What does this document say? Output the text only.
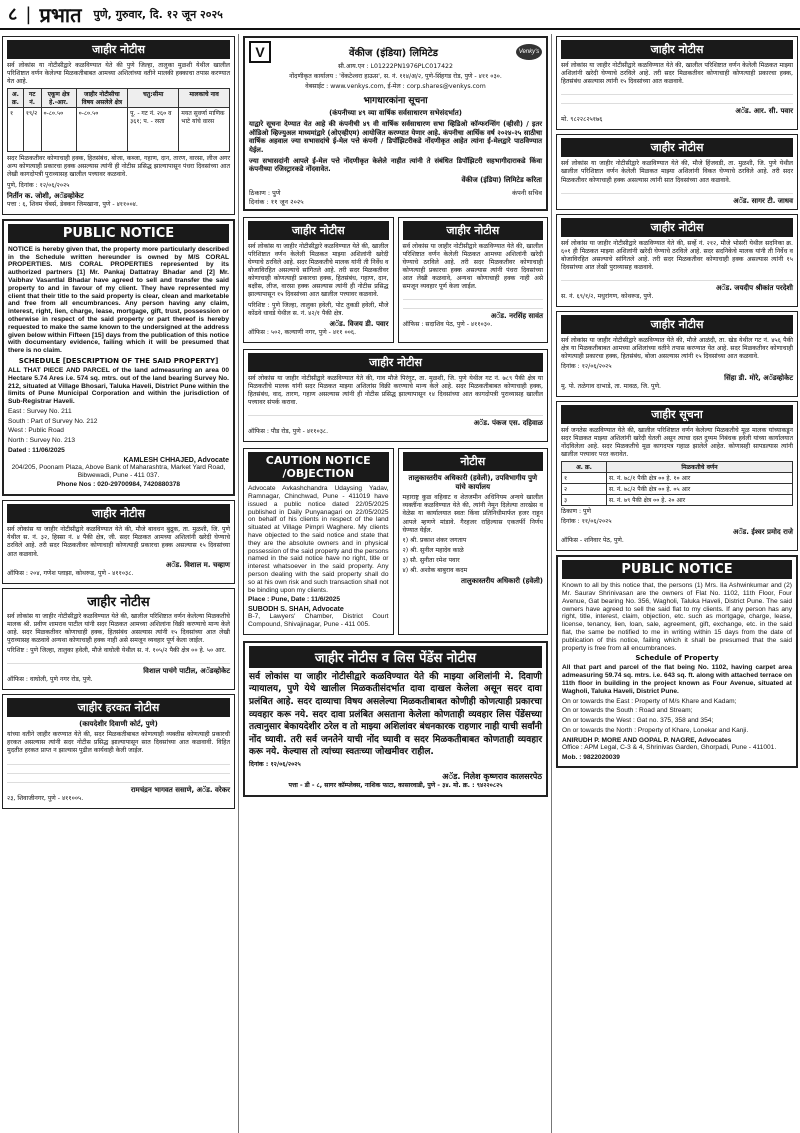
८ | प्रभात पुणे, गुरुवार, दि. १२ जून २०२५
जाहीर नोटीस

सर्व लोकांस या नोटीसीद्वारे कळविण्यात येते की पुणे जिल्हा, तालुका मुळशी येथील खालील परिशिष्टात वर्णन केलेल्या मिळकतीबाबत आमच्या अशिलांच्या वतीने मालकी हक्काचा तपास करण्यात येत आहे.

अ. क्र.	गट नं.	एकूण क्षेत्र हे.-आर.	जाहीर नोटीसीचा विषय असलेले क्षेत्र	चतु:सीमा	मालकाचे नाव
१	१९/२	०-८०.५०	०-८०.५०	पू. - गट नं. २६० व ३६१; प. - रस्ता	मयत सुवर्णा माणिक भाटे यांचे वारस

सदर मिळकतीवर कोणाचाही हक्क, हितसंबंध, बोजा, कब्जा, गहाण, दान, तारण, वारसा, लीज अगर अन्य कोणत्याही प्रकारचा हक्क असल्यास त्यांनी ही नोटीस प्रसिद्ध झाल्यापासून पंधरा दिवसांच्या आत लेखी कागदोपत्री पुराव्यासह खालील पत्त्यावर कळवावे.

पुणे, दिनांक : १२/०६/२०२५

निर्तीन क. जोशी, अॅडव्होकेट

पत्ता : ६, शिवम चेंबर्स, डेक्कन जिमखाना, पुणे - ४११००४.

PUBLIC NOTICE

NOTICE is hereby given that, the property more particularly described in the Schedule written hereunder is owned by M/S CORAL PROPERTIES. M/S CORAL PROPERTIES represented by its authorized partners [1] Mr. Pankaj Dattatray Bhadar and [2] Mr. Vaibhav Vasantlal Bhadar have agreed to sell and transfer the said property to and in favour of my client. They have represented my client that their title to the said property is clear, clean and marketable and free from all encumbrances. Any person having any claim, interest, right, lien, charge, lease, mortgage, gift, trust, possession or otherwise in respect of the said property or part thereof is hereby requested to make the same known to the undersigned at the address given below within Fifteen [15] days from the publication of this notice with documentary evidence, failing which it will be presumed that there is no claim.

SCHEDULE [DESCRIPTION OF THE SAID PROPERTY]

ALL THAT PIECE AND PARCEL of the land admeasuring an area 00 Hectare 5.74 Ares i.e. 574 sq. mtrs. out of the land bearing Survey No. 212, situated at Village Bhosari, Taluka Haveli, District Pune within the limits of Pune Municipal Corporation and within the jurisdiction of Sub-Registrar Haveli.

East : Survey No. 211

South : Part of Survey No. 212

West : Public Road

North : Survey No. 213

Dated : 11/06/2025

KAMLESH CHHAJED, Advocate

204/205, Poonam Plaza, Above Bank of Maharashtra, Market Yard Road, Bibwewadi, Pune - 411 037.

Phone Nos : 020-29700984, 7420880378

जाहीर नोटीस

सर्व लोकांस या जाहीर नोटीसीद्वारे कळविण्यात येते की, मौजे बावधन बुद्रुक, ता. मुळशी, जि. पुणे येथील स. नं. ३२, हिस्सा नं. ४ पैकी क्षेत्र, जी. सदर मिळकत आमच्या अशिलांनी खरेदी घेण्याचे ठरविले आहे. तरी सदर मिळकतीवर कोणाचाही कोणत्याही प्रकारचा हक्क असल्यास १५ दिवसांच्या आत कळवावे.

अॅड. विशाल म. चव्हाण

ऑफिस : २०४, गणेश प्लाझा, कोथरूड, पुणे - ४११०३८.

जाहीर नोटीस

सर्व लोकांस या जाहीर नोटीसीद्वारे कळविण्यात येते की, खालील परिशिष्टात वर्णन केलेल्या मिळकतीचे मालक श्री. प्रवीण शामराव पाटील यांनी सदर मिळकत आमच्या अशिलांना विक्री करण्याचे मान्य केले आहे. सदर मिळकतीवर कोणाचाही हक्क, हितसंबंध असल्यास त्यांनी १५ दिवसांच्या आत लेखी पुराव्यासह कळवावे अन्यथा कोणाचाही हक्क नाही असे समजून व्यवहार पूर्ण केला जाईल.

परिशिष्ट : पुणे जिल्हा, तालुका हवेली, मौजे वाघोली येथील स. नं. १०५/२ पैकी क्षेत्र ०० हे. ५० आर.

विशाल पाचंगे पाटील, अॅडव्होकेट

ऑफिस : वाघोली, पुणे नगर रोड, पुणे.

जाहीर हरकत नोटीस
(कायदेशीर दिवाणी कोर्ट, पुणे)

यांच्या वतीने जाहीर करण्यात येते की, सदर मिळकतीबाबत कोणत्याही व्यक्तीस कोणत्याही प्रकारची हरकत असल्यास त्यांनी सदर नोटीस प्रसिद्ध झाल्यापासून सात दिवसांच्या आत कळवावी. विहित मुदतीत हरकत प्राप्त न झाल्यास पुढील कार्यवाही केली जाईल.

रामचंद्रन भागवत ससाणे, अॅड. वरेकर

२३, शिवाजीनगर, पुणे - ४११००५.

V	वेंकीज (इंडिया) लिमिटेड	Venky's

सी.आय.एन : L01222PN1976PLC017422

नोंदणीकृत कार्यालय : 'वेंकटेश्वरा हाऊस', स. नं. ११४/अ/२, पुणे-सिंहगड रोड, पुणे - ४११ ०३०.

वेबसाईट : www.venkys.com, ई-मेल : corp.shares@venkys.com

भागधारकांना सूचना
(कंपनीच्या ४९ व्या वार्षिक सर्वसाधारण सभेसंदर्भात)

याद्वारे सूचना देण्यात येत आहे की कंपनीची ४९ वी वार्षिक सर्वसाधारण सभा व्हिडिओ कॉन्फरन्सिंग (व्हीसी) / इतर ऑडिओ व्हिज्युअल माध्यमांद्वारे (ओएव्हीएम) आयोजित करण्यात येणार आहे. कंपनीचा आर्थिक वर्ष २०२४-२५ साठीचा वार्षिक अहवाल ज्या सभासदांचे ई-मेल पत्ते कंपनी / डिपॉझिटरीकडे नोंदणीकृत आहेत त्यांना ई-मेलद्वारे पाठविण्यात येईल.

ज्या सभासदांनी आपले ई-मेल पत्ते नोंदणीकृत केलेले नाहीत त्यांनी ते संबंधित डिपॉझिटरी सहभागीदाराकडे किंवा कंपनीच्या रजिस्ट्रारकडे नोंदवावेत.

वेंकीज (इंडिया) लिमिटेड करिता
ठिकाण : पुणे
दिनांक : ११ जून २०२५
कंपनी सचिव
जाहीर नोटीस

सर्व लोकांस या जाहीर नोटीसीद्वारे कळविण्यात येते की, खालील परिशिष्टात वर्णन केलेली मिळकत माझ्या अशिलांनी खरेदी घेण्याचे ठरविले आहे. सदर मिळकतीचे मालक यांनी ती निर्वेध व बोजाविरहित असल्याचे सांगितले आहे. तरी सदर मिळकतीवर कोणाचाही कोणत्याही प्रकारचा हक्क, हितसंबंध, गहाण, दान, बक्षीस, लीज, वारसा हक्क असल्यास त्यांनी ही नोटीस प्रसिद्ध झाल्यापासून १५ दिवसांच्या आत खालील पत्त्यावर कळवावे.

परिशिष्ट : पुणे जिल्हा, तालुका हवेली, पोट तुकडी हवेली, मौजे कोंढवे धावडे येथील स. नं. ४२/१ पैकी क्षेत्र.

अॅड. विजय डी. पवार

ऑफिस : ५०२, कल्याणी नगर, पुणे - ४११ ००६.

जाहीर नोटीस

सर्व लोकांस या जाहीर नोटीसीद्वारे कळविण्यात येते की, खालील परिशिष्टात वर्णन केलेली मिळकत आमच्या अशिलांनी खरेदी घेण्याचे ठरविले आहे. तरी सदर मिळकतीवर कोणाचाही कोणत्याही प्रकारचा हक्क असल्यास त्यांनी पंधरा दिवसांच्या आत लेखी कळवावे, अन्यथा कोणाचाही हक्क नाही असे समजून व्यवहार पूर्ण केला जाईल.

अॅड. नरसिंह सावंत

ऑफिस : सदाशिव पेठ, पुणे - ४११०३०.

जाहीर नोटीस

सर्व लोकांस या जाहीर नोटीसीद्वारे कळविण्यात येते की, गाव मौजे पिरंगुट, ता. मुळशी, जि. पुणे येथील गट नं. ७८९ पैकी क्षेत्र या मिळकतीचे मालक यांनी सदर मिळकत माझ्या अशिलांस विक्री करण्याचे मान्य केले आहे. सदर मिळकतीबाबत कोणाचाही हक्क, हितसंबंध, वाद, तारण, गहाण असल्यास त्यांनी ही नोटीस प्रसिद्ध झाल्यापासून १४ दिवसांच्या आत कागदोपत्री पुराव्यासह खालील पत्त्यावर संपर्क करावा.

अॅड. पंकज एस. दहिवाळ

ऑफिस : पौड रोड, पुणे - ४११०३८.

CAUTION NOTICE /OBJECTION

Advocate Avkashchandra Udaysing Yadav, Ramnagar, Chinchwad, Pune - 411019 have issued a public notice dated 22/05/2025 published in Daily Punyanagari on 22/05/2025 on behalf of his clients in respect of the land situated at Village Pimpri Waghere. My clients have objected to the said notice and state that they are the absolute owners and in physical possession of the said property and the persons named in the said notice have no right, title or interest whatsoever in the said property. Any person dealing with the said property shall do so at his own risk and such transaction shall not be binding upon my clients.

Place : Pune, Date : 11/6/2025

SUBODH S. SHAH, Advocate

B-7, Lawyers' Chamber, District Court Compound, Shivajinagar, Pune - 411 005.

नोटीस
तालुकास्तरीय अधिकारी (हवेली), उपविभागीय पुणे यांचे कार्यालय

महाराष्ट्र कुळ वहिवाट व शेतजमीन अधिनियम अन्वये खालील व्यक्तींना कळविण्यात येते की, त्यांनी नेमून दिलेल्या तारखेस व वेळेस या कार्यालयात स्वतः किंवा प्रतिनिधीमार्फत हजर राहून आपले म्हणणे मांडावे. गैरहजर राहिल्यास एकतर्फी निर्णय घेण्यात येईल.

१) श्री. प्रकाश शंकर जगताप

२) श्री. सुनील महादेव काळे

३) सौ. सुनीता रमेश पवार

४) श्री. अशोक बाबुराव कदम

तालुकास्तरीय अधिकारी (हवेली)
जाहीर नोटीस व लिस पेंडेंस नोटीस

सर्व लोकांस या जाहीर नोटीसीद्वारे कळविण्यात येते की माझ्या अशिलांनी मे. दिवाणी न्यायालय, पुणे येथे खालील मिळकतीसंदर्भात दावा दाखल केलेला असून सदर दावा प्रलंबित आहे. सदर दाव्याचा विषय असलेल्या मिळकतीबाबत कोणीही कोणत्याही प्रकारचा व्यवहार करू नये. सदर दावा प्रलंबित असताना केलेला कोणताही व्यवहार लिस पेंडेंसच्या तत्वानुसार बेकायदेशीर ठरेल व तो माझ्या अशिलांवर बंधनकारक राहणार नाही याची सर्वांनी नोंद घ्यावी. तरी सर्व जनतेने याची नोंद घ्यावी व सदर मिळकतीबाबत कोणताही व्यवहार करू नये. केल्यास तो त्यांच्या स्वतःच्या जोखमीवर राहील.

दिनांक : १२/०६/२०२५

अॅड. निलेश कृष्णराव कालसरपेठ

पत्ता - डी - ८, सागर कॉम्प्लेक्स, नाशिक फाटा, कासारवाडी, पुणे - ३४. मो. क्र. : ९४२२०८२५

जाहीर नोटीस

सर्व लोकांस या जाहीर नोटीसीद्वारे कळविण्यात येते की, खालील परिशिष्टात वर्णन केलेली मिळकत माझ्या अशिलांनी खरेदी घेण्याचे ठरविले आहे. तरी सदर मिळकतीवर कोणाचाही कोणत्याही प्रकारचा हक्क, हितसंबंध असल्यास त्यांनी १५ दिवसांच्या आत कळवावे.

अॅड. आर. सी. पवार

मो. ९८२२८२५१७६

जाहीर नोटीस

सर्व लोकांस या जाहीर नोटीसीद्वारे कळविण्यात येते की, मौजे हिंजवडी, ता. मुळशी, जि. पुणे येथील खालील परिशिष्टात वर्णन केलेली मिळकत माझ्या अशिलांनी विकत घेण्याचे ठरविले आहे. तरी सदर मिळकतीवर कोणाचाही हक्क असल्यास त्यांनी सात दिवसांच्या आत कळवावे.

अॅड. सागर टी. जाधव
जाहीर नोटीस

सर्व लोकांस या जाहीर नोटीसीद्वारे कळविण्यात येते की, सर्व्हे नं. २१२, मौजे भोसरी येथील सदनिका क्र. ६०१ ही मिळकत माझ्या अशिलांनी खरेदी घेण्याचे ठरविले आहे. सदर सदनिकेचे मालक यांनी ती निर्वेध व बोजाविरहित असल्याचे सांगितले आहे. तरी सदर मिळकतीवर कोणाचाही हक्क असल्यास त्यांनी १५ दिवसांच्या आत लेखी पुराव्यासह कळवावे.

अॅड. जयदीप श्रीकांत परदेशी

स. नं. ६९/१/२, मधुरांगण, कोथरूड, पुणे.

जाहीर नोटीस

सर्व लोकांस या जाहीर नोटीसीद्वारे कळविण्यात येते की, मौजे आळंदी, ता. खेड येथील गट नं. ४५६ पैकी क्षेत्र या मिळकतीबाबत आमच्या अशिलांच्या वतीने तपास करण्यात येत आहे. सदर मिळकतीवर कोणाचाही कोणत्याही प्रकारचा हक्क, हितसंबंध, बोजा असल्यास त्यांनी १५ दिवसांच्या आत कळवावे.

दिनांक : १२/०६/२०२५

सिंहा डी. मोरे, अॅडव्होकेट

मु. पो. तळेगाव दाभाडे, ता. मावळ, जि. पुणे.

जाहीर सूचना

सर्व जनतेस कळविण्यात येते की, खालील परिशिष्टात वर्णन केलेल्या मिळकतीचे मूळ मालक यांच्याकडून सदर मिळकत माझ्या अशिलांनी खरेदी घेतली असून त्याचा दस्त दुय्यम निबंधक हवेली यांच्या कार्यालयात नोंदविलेला आहे. सदर मिळकतीचे मूळ कागदपत्र गहाळ झालेले आहेत. कोणासही सापडल्यास त्यांनी खालील पत्त्यावर परत करावेत.

अ. क्र.	मिळकतीचे वर्णन
१	स. नं. ७८/१ पैकी क्षेत्र ०० हे. १० आर
२	स. नं. ७८/२ पैकी क्षेत्र ०० हे. ०५ आर
३	स. नं. ७९ पैकी क्षेत्र ०० हे. २० आर

ठिकाण : पुणे

दिनांक : ११/०६/२०२५

अॅड. ईश्वर प्रमोद राजे

ऑफिस - शनिवार पेठ, पुणे.

PUBLIC NOTICE

Known to all by this notice that, the persons (1) Mrs. Ila Ashwinkumar and (2) Mr. Saurav Shrinivasan are the owners of Flat No. 1102, 11th Floor, Four Avenue, Gat bearing No. 356, Wagholi, Taluka Haveli, District Pune. The said owners have agreed to sell the said flat to my clients. If any person has any right, title, interest, claim, objection, etc. such as mortgage, charge, lease, license, tenancy, lien, loan, sale, agreement, gift, exchange, etc. in the said flat, the same be notified to me in writing within 15 days from the date of publication of this notice, failing which it shall be presumed that the said property is free from all encumbrances.

Schedule of Property

All that part and parcel of the flat being No. 1102, having carpet area admeasuring 59.74 sq. mtrs. i.e. 643 sq. ft. along with attached terrace on 11th floor in building in the project known as Four Avenue, situated at Wagholi, Taluka Haveli, District Pune.

On or towards the East : Property of M/s Khare and Kadam;

On or towards the South : Road and Stream;

On or towards the West : Gat no. 375, 358 and 354;

On or towards the North : Property of Khare, Lonekar and Kanji.

ANIRUDH P. MORE AND GOPAL P. NAGRE, Advocates

Office : APM Legal, C-3 & 4, Shrinivas Garden, Ghorpadi, Pune - 411001.

Mob. : 9822020039
